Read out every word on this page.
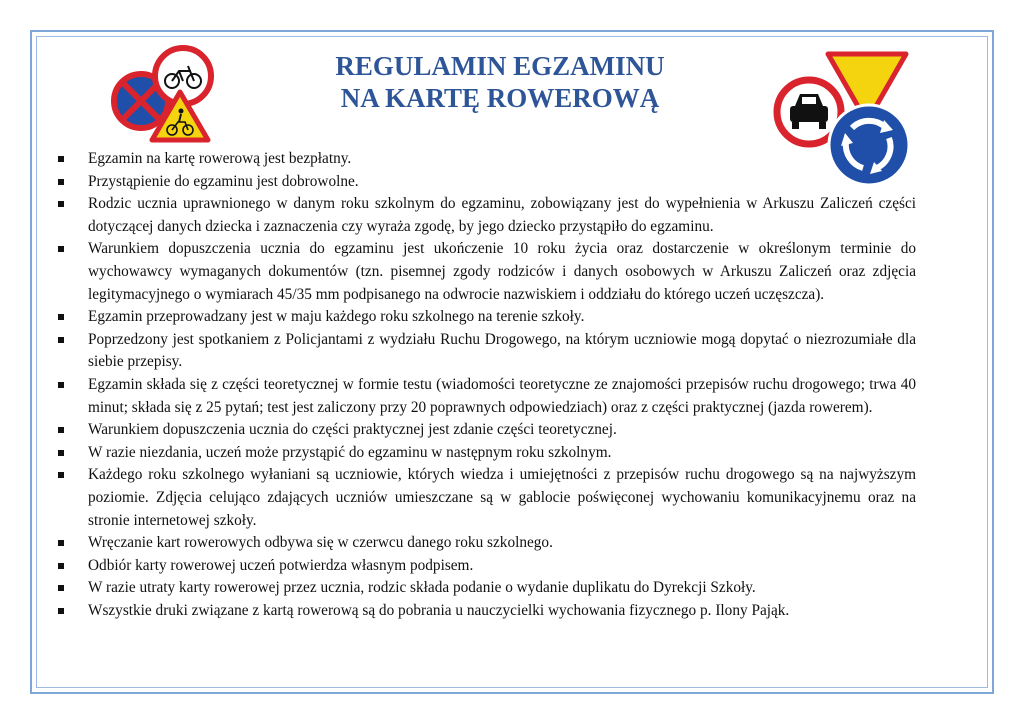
REGULAMIN EGZAMINU
NA KARTĘ ROWEROWĄ
Egzamin na kartę rowerową jest bezpłatny.
Przystąpienie do egzaminu jest dobrowolne.
Rodzic ucznia uprawnionego w danym roku szkolnym do egzaminu, zobowiązany jest do wypełnienia w Arkuszu Zaliczeń części dotyczącej danych dziecka i zaznaczenia czy wyraża zgodę, by jego dziecko przystąpiło do egzaminu.
Warunkiem dopuszczenia ucznia do egzaminu jest ukończenie 10 roku życia oraz dostarczenie w określonym terminie do wychowawcy wymaganych dokumentów (tzn. pisemnej zgody rodziców i danych osobowych w Arkuszu Zaliczeń oraz zdjęcia legitymacyjnego o wymiarach 45/35 mm podpisanego na odwrocie nazwiskiem i oddziału do którego uczeń uczęszcza).
Egzamin przeprowadzany jest w maju każdego roku szkolnego na terenie szkoły.
Poprzedzony jest spotkaniem z Policjantami z wydziału Ruchu Drogowego, na którym uczniowie mogą dopytać o niezrozumiałe dla siebie przepisy.
Egzamin składa się z części teoretycznej w formie testu (wiadomości teoretyczne ze znajomości przepisów ruchu drogowego; trwa 40 minut; składa się z 25 pytań; test jest zaliczony przy 20 poprawnych odpowiedziach) oraz z części praktycznej (jazda rowerem).
Warunkiem dopuszczenia ucznia do części praktycznej jest zdanie części teoretycznej.
W razie niezdania, uczeń może przystąpić do egzaminu w następnym roku szkolnym.
Każdego roku szkolnego wyłaniani są uczniowie, których wiedza i umiejętności z przepisów ruchu drogowego są na najwyższym poziomie. Zdjęcia celująco zdających uczniów umieszczane są w gablocie poświęconej wychowaniu komunikacyjnemu oraz na stronie internetowej szkoły.
Wręczanie kart rowerowych odbywa się w czerwcu danego roku szkolnego.
Odbiór karty rowerowej uczeń potwierdza własnym podpisem.
W razie utraty karty rowerowej przez ucznia, rodzic składa podanie o wydanie duplikatu do Dyrekcji Szkoły.
Wszystkie druki związane z kartą rowerową są do pobrania u nauczycielki wychowania fizycznego p. Ilony Pająk.
